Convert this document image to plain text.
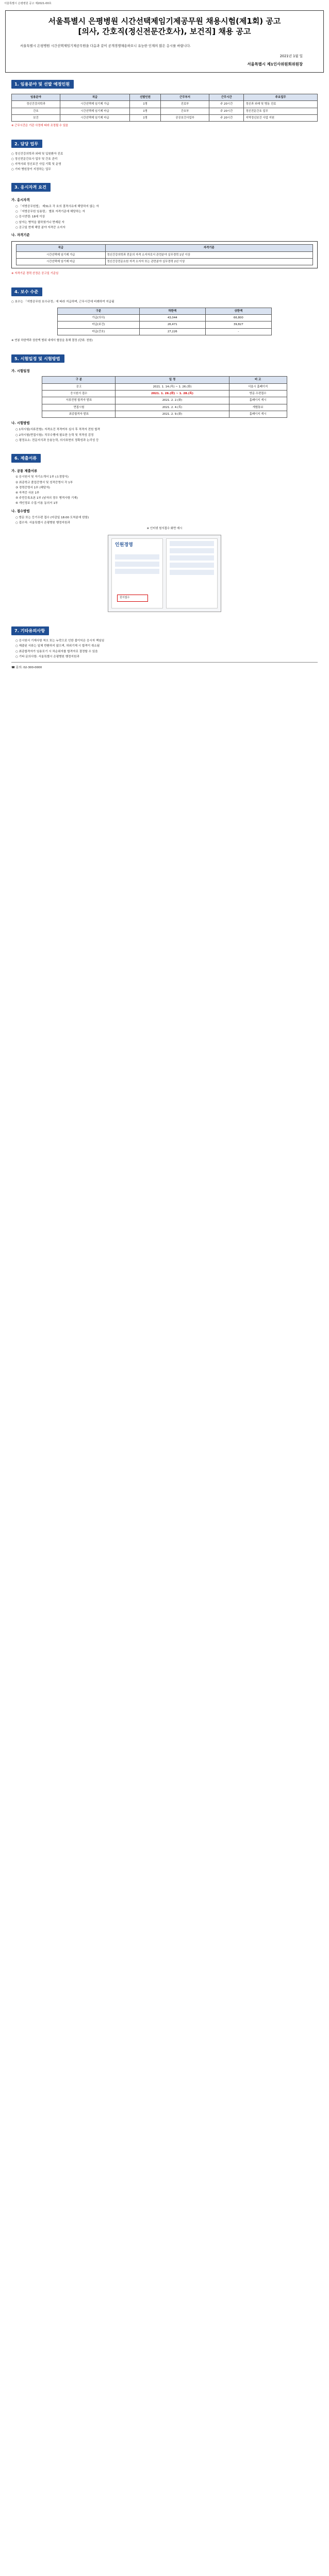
서울특별시 은평병원 공고 제2021-00호
서울특별시 은평병원 시간선택제임기제공무원 채용시험(제1회) 공고
[의사, 간호직(정신전문간호사), 보건직] 채용 공고
서울특별시 은평병원 시간선택제임기제공무원을 다음과 같이 공개경쟁채용하오니 유능한 인재의 많은 응시를 바랍니다.
2021년 1월 일
서울특별시 제1인사위원회위원장
1. 임용분야 및 선발 예정인원
임용분야	직급	선발인원	근무부서	근무시간	주요업무
정신건강의학과	시간선택제 임기제 가급	1명	진료부	주 20시간	정신과 외래 및 병동 진료
간호	시간선택제 임기제 마급	1명	간호부	주 20시간	정신전문간호 업무
보건	시간선택제 임기제 마급	1명	공공보건사업부	주 20시간	지역정신보건 사업 지원
※ 근무시간은 기관 사정에 따라 조정될 수 있음
2. 담당 업무
○ 정신건강의학과 외래 및 입원환자 진료
○ 정신전문간호사 업무 및 간호 관리
○ 지역사회 정신보건 사업 기획 및 운영
○ 기타 병원장이 지정하는 업무
3. 응시자격 요건
가. 응시자격
○ 「지방공무원법」 제31조 각 호의 결격사유에 해당하지 않는 자
○ 「지방공무원 임용령」 별표 자격기준에 해당하는 자
○ 응시연령: 18세 이상
○ 남자는 병역을 필하였거나 면제된 자
○ 공고일 현재 해당 분야 자격증 소지자
나. 자격기준
직급	자격기준
시간선택제 임기제 가급	정신건강의학과 전문의 자격 소지자로서 관련분야 실무경력 1년 이상
시간선택제 임기제 마급	정신건강전문요원 자격 소지자 또는 관련분야 실무경력 2년 이상
※ 자격기준 경력 산정은 공고일 기준임
4. 보수 수준
○ 보수는 「지방공무원 보수규정」에 따라 지급하며, 근무시간에 비례하여 지급됨
구분	하한액	상한액
가급(의사)	43,044	66,800
마급(보건)	26,471	39,827
마급(간호)	27,226	-
※ 연봉 하한액과 상한액 범위 내에서 협상을 통해 결정 (단위: 천원)
5. 시험일정 및 시험방법
가. 시험일정
구 분	일 정	비 고
공고	2021. 1. 14.(목) ~ 1. 26.(화)	서울시 홈페이지
응시원서 접수	2021. 1. 26.(화) ~ 1. 28.(목)	방문·우편접수
서류전형 합격자 발표	2021. 2. 2.(화)	홈페이지 게시
면접시험	2021. 2. 4.(목)	개별통보
최종합격자 발표	2021. 2. 9.(화)	홈페이지 게시
나. 시험방법
○ 1차시험(서류전형): 자격요건 적격여부 심사 후 적격자 전원 합격
○ 2차시험(면접시험): 직무수행에 필요한 능력 및 적격성 검정
○ 평정요소: 전문지식과 응용능력, 의사표현의 정확성과 논리성 등
6. 제출서류
가. 공통 제출서류
① 응시원서 및 자기소개서 1부 (소정양식)
② 최종학교 졸업증명서 및 성적증명서 각 1부
③ 경력증명서 1부 (해당자)
④ 자격증 사본 1부
⑤ 주민등록초본 1부 (남자의 경우 병적사항 기재)
⑥ 개인정보 수집·이용 동의서 1부
나. 접수방법
○ 방문 또는 등기우편 접수 (마감일 18:00 도착분에 한함)
○ 접수처: 서울특별시 은평병원 행정지원과
※ 인터넷 원서접수 화면 예시
인원경영
원서접수
7. 기타유의사항
○ 응시원서 기재사항 착오 또는 누락으로 인한 불이익은 응시자 책임임
○ 제출된 서류는 일체 반환하지 않으며, 허위기재 시 합격이 취소됨
○ 최종합격자가 임용포기 시 차순위자를 합격자로 결정할 수 있음
○ 기타 문의사항: 서울특별시 은평병원 행정지원과
☎ 문의: 02-300-0000
